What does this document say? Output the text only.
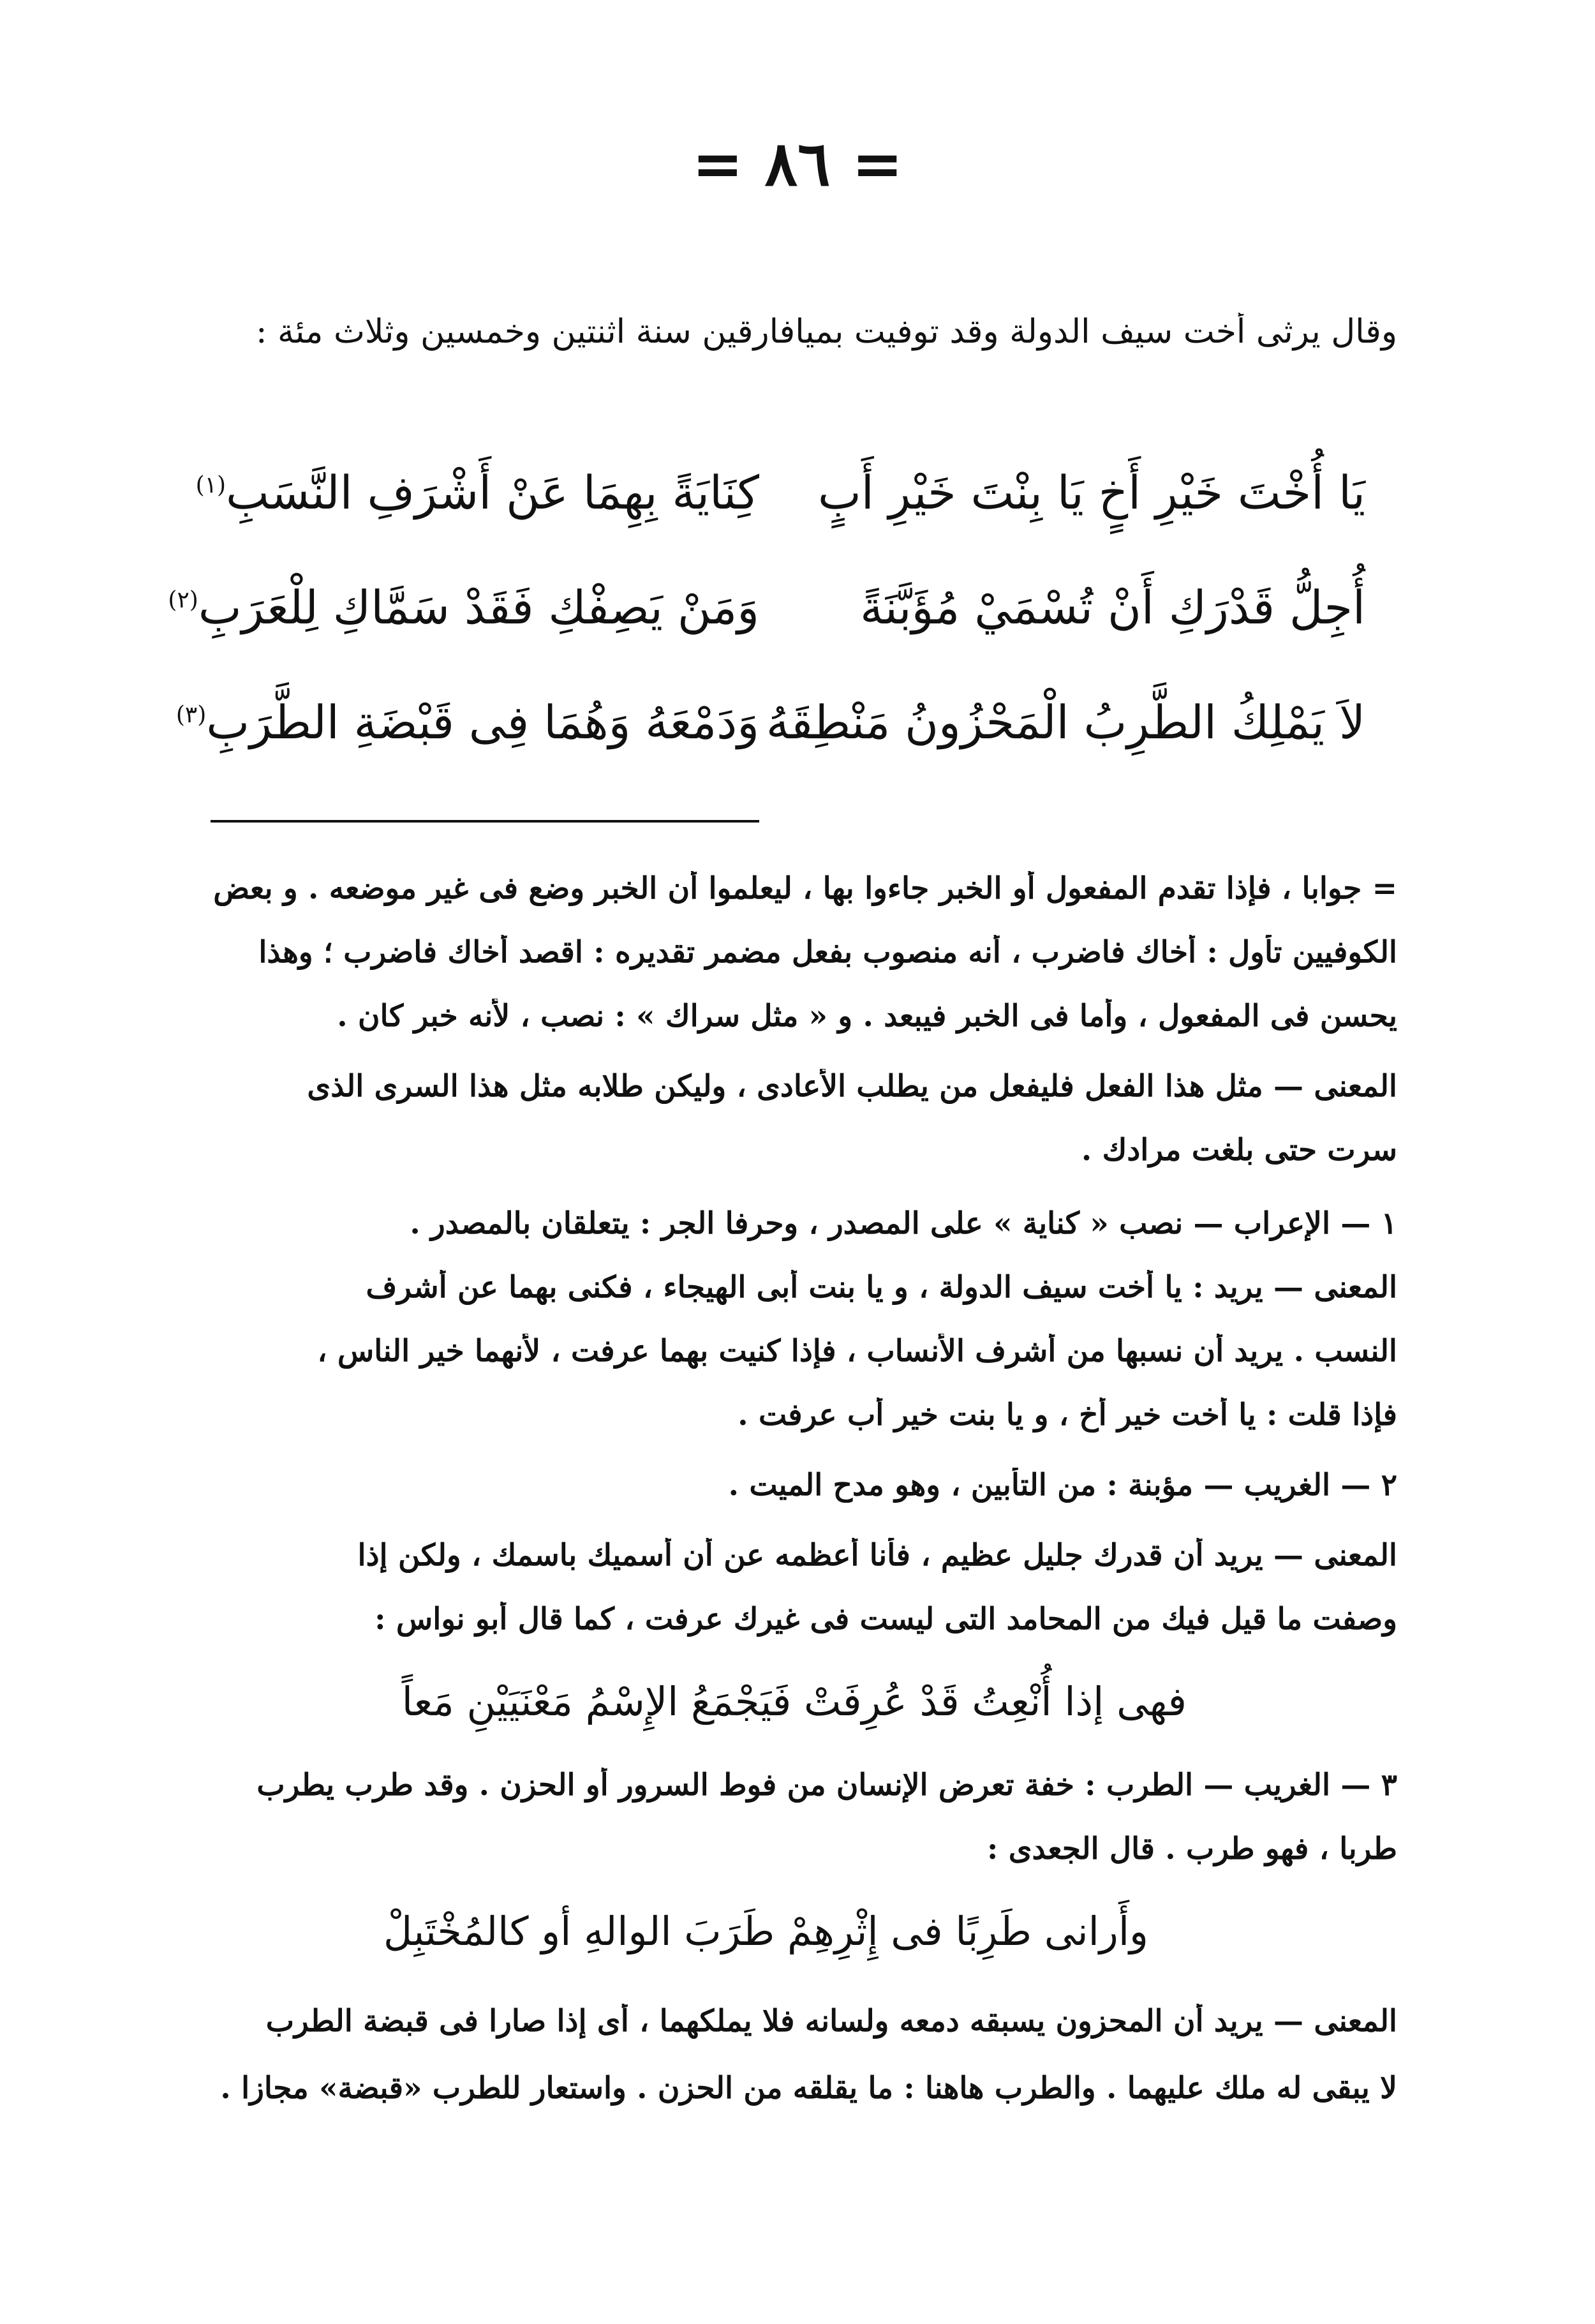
= ٨٦ =
وقال يرثى أخت سيف الدولة وقد توفيت بميافارقين سنة اثنتين وخمسين وثلاث مئة :
يَا أُخْتَ خَيْرِ أَخٍ يَا بِنْتَ خَيْرِ أَبٍ
كِنَايَةً بِهِمَا عَنْ أَشْرَفِ النَّسَبِ$^{(١)}$
أُجِلُّ قَدْرَكِ أَنْ تُسْمَيْ مُؤَبَّنَةً
وَمَنْ يَصِفْكِ فَقَدْ سَمَّاكِ لِلْعَرَبِ$^{(٢)}$
لاَ يَمْلِكُ الطَّرِبُ الْمَحْزُونُ مَنْطِقَهُ
وَدَمْعَهُ وَهُمَا فِى قَبْضَةِ الطَّرَبِ$^{(٣)}$
= جوابا ، فإذا تقدم المفعول أو الخبر جاءوا بها ، ليعلموا أن الخبر وضع فى غير موضعه . و بعض
الكوفيين تأول : أخاك فاضرب ، أنه منصوب بفعل مضمر تقديره : اقصد أخاك فاضرب ؛ وهذا
يحسن فى المفعول ، وأما فى الخبر فيبعد . و « مثل سراك » : نصب ، لأنه خبر كان .
المعنى — مثل هذا الفعل فليفعل من يطلب الأعادى ، وليكن طلابه مثل هذا السرى الذى
سرت حتى بلغت مرادك .
١ — الإعراب — نصب « كناية » على المصدر ، وحرفا الجر : يتعلقان بالمصدر .
المعنى — يريد : يا أخت سيف الدولة ، و يا بنت أبى الهيجاء ، فكنى بهما عن أشرف
النسب . يريد أن نسبها من أشرف الأنساب ، فإذا كنيت بهما عرفت ، لأنهما خير الناس ،
فإذا قلت : يا أخت خير أخ ، و يا بنت خير أب عرفت .
٢ — الغريب — مؤبنة : من التأبين ، وهو مدح الميت .
المعنى — يريد أن قدرك جليل عظيم ، فأنا أعظمه عن أن أسميك باسمك ، ولكن إذا
وصفت ما قيل فيك من المحامد التى ليست فى غيرك عرفت ، كما قال أبو نواس :
فهى إذا أُنْعِتُ قَدْ عُرِفَتْ فَيَجْمَعُ الإِسْمُ مَعْنَيَيْنِ مَعاً
٣ — الغريب — الطرب : خفة تعرض الإنسان من فوط السرور أو الحزن . وقد طرب يطرب
طربا ، فهو طرب . قال الجعدى :
وأَرانى طَرِبًا فى إِثْرِهِمْ طَرَبَ الوالهِ أو كالمُخْتَبِلْ
المعنى — يريد أن المحزون يسبقه دمعه ولسانه فلا يملكهما ، أى إذا صارا فى قبضة الطرب
لا يبقى له ملك عليهما . والطرب هاهنا : ما يقلقه من الحزن . واستعار للطرب «قبضة» مجازا .
